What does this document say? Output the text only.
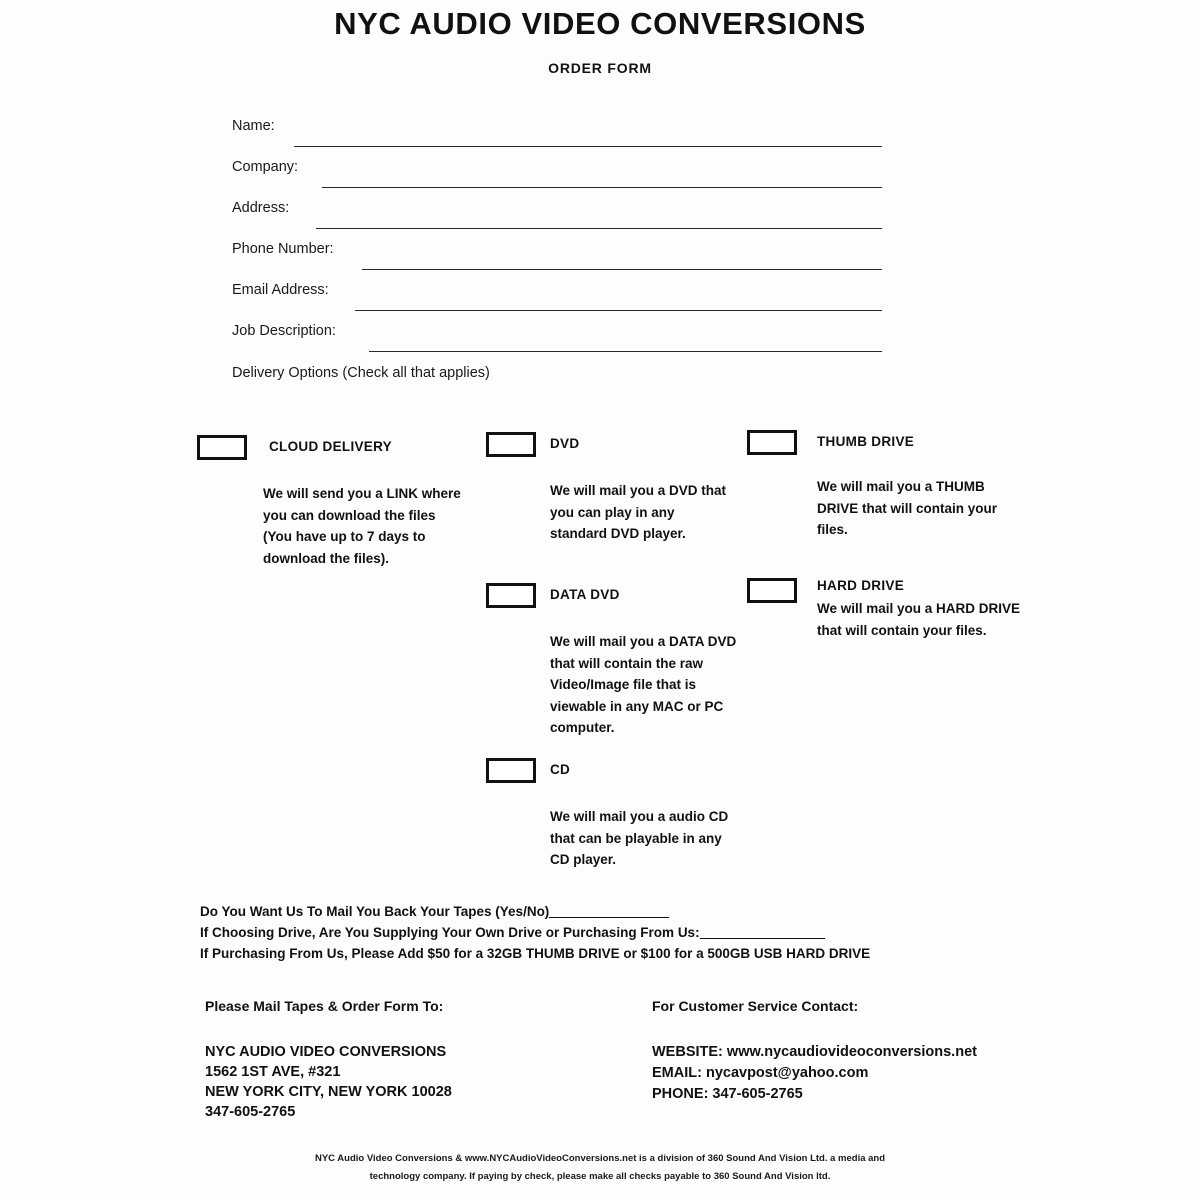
NYC AUDIO VIDEO CONVERSIONS
ORDER FORM
Name:
Company:
Address:
Phone Number:
Email Address:
Job Description:
Delivery Options (Check all that applies)
CLOUD DELIVERY
We will send you a LINK where you can download the files (You have up to 7 days to download the files).
DVD
We will mail you a DVD that you can play in any standard DVD player.
DATA DVD
We will mail you a DATA DVD that will contain the raw Video/Image file that is viewable in any MAC or PC computer.
CD
We will mail you a audio CD that can be playable in any CD player.
THUMB DRIVE
We will mail you a THUMB DRIVE that will contain your files.
HARD DRIVE
We will mail you a HARD DRIVE that will contain your files.
Do You Want Us To Mail You Back Your Tapes (Yes/No)
If Choosing Drive, Are You Supplying Your Own Drive or Purchasing From Us:
If Purchasing From Us, Please Add $50 for a 32GB THUMB DRIVE or $100 for a 500GB USB HARD DRIVE
Please Mail Tapes & Order Form To:
NYC AUDIO VIDEO CONVERSIONS
1562 1ST AVE, #321
NEW YORK CITY, NEW YORK 10028
347-605-2765
For Customer Service Contact:
WEBSITE: www.nycaudiovideoconversions.net
EMAIL: nycavpost@yahoo.com
PHONE: 347-605-2765
NYC Audio Video Conversions & www.NYCAudioVideoConversions.net is a division of 360 Sound And Vision Ltd. a media and
technology company. If paying by check, please make all checks payable to 360 Sound And Vision ltd.
